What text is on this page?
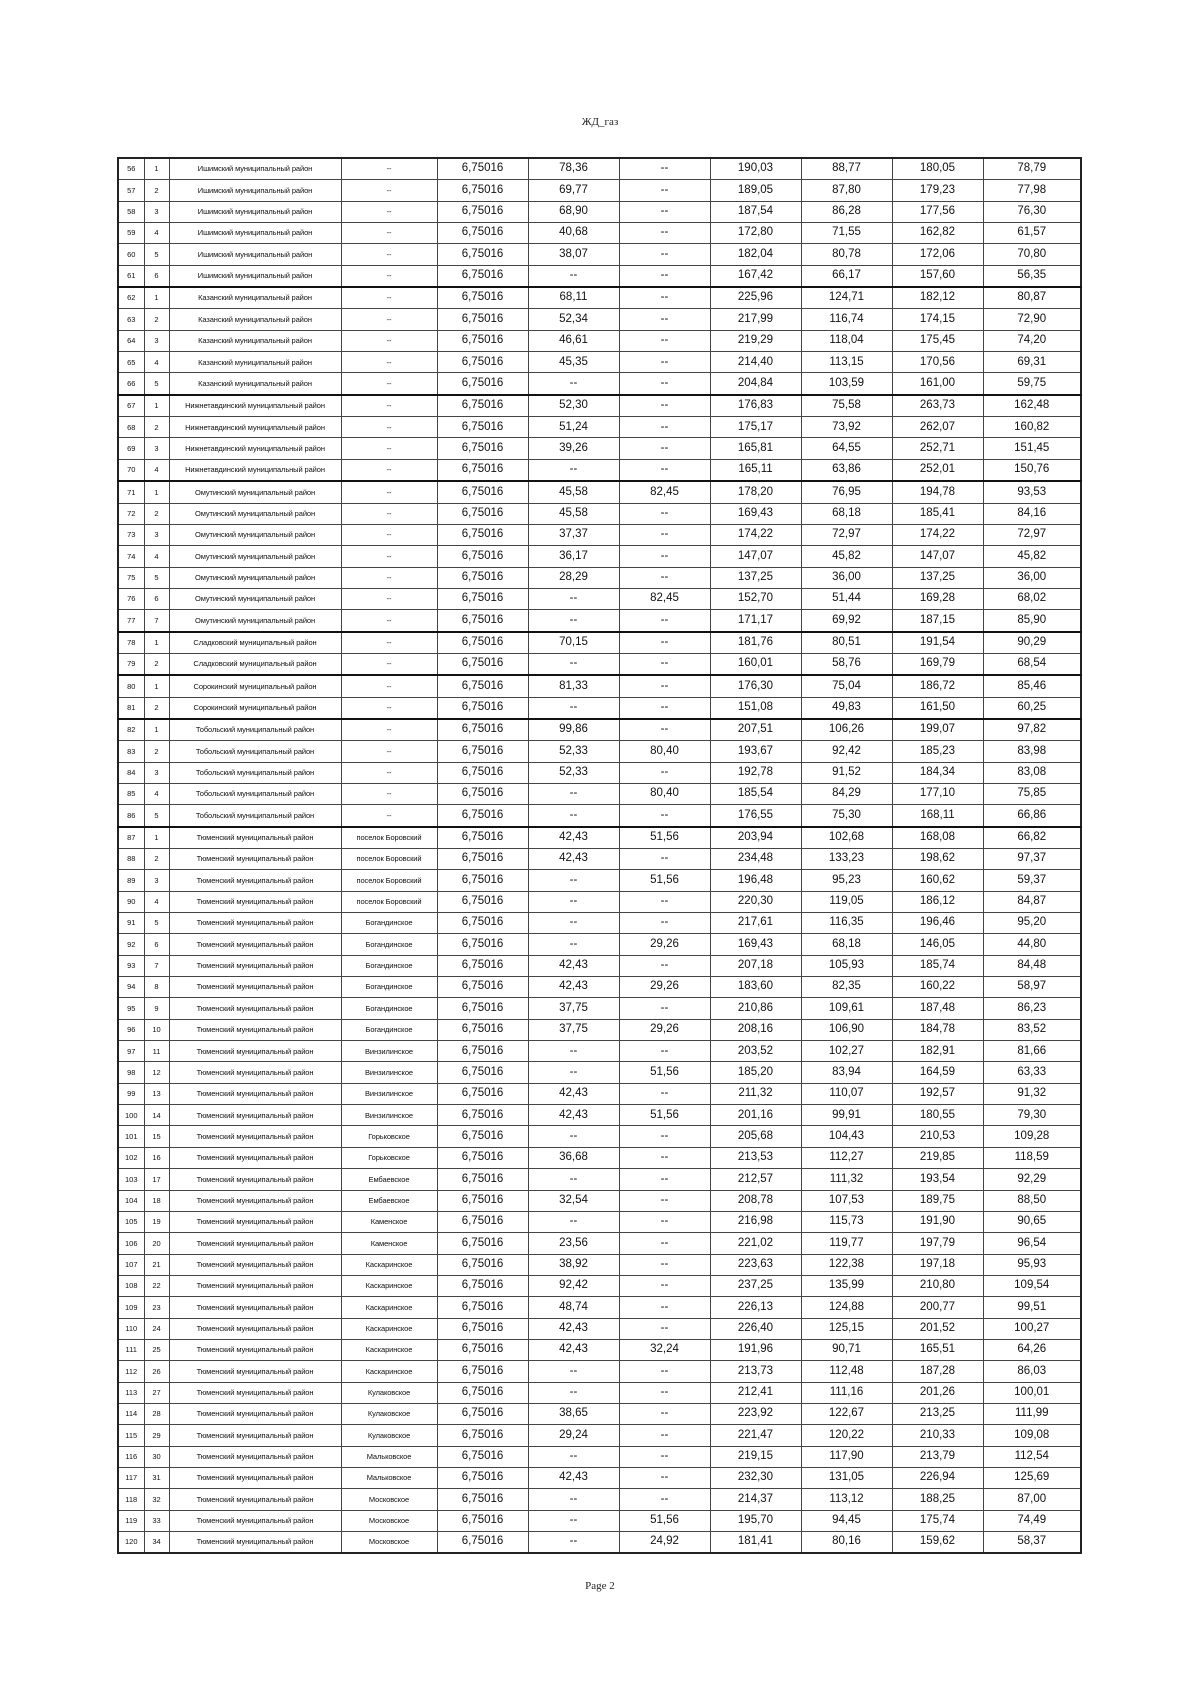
ЖД_газ
56	1	Ишимский муниципальный район	--	6,75016	78,36	--	190,03	88,77	180,05	78,79
57	2	Ишимский муниципальный район	--	6,75016	69,77	--	189,05	87,80	179,23	77,98
58	3	Ишимский муниципальный район	--	6,75016	68,90	--	187,54	86,28	177,56	76,30
59	4	Ишимский муниципальный район	--	6,75016	40,68	--	172,80	71,55	162,82	61,57
60	5	Ишимский муниципальный район	--	6,75016	38,07	--	182,04	80,78	172,06	70,80
61	6	Ишимский муниципальный район	--	6,75016	--	--	167,42	66,17	157,60	56,35
62	1	Казанский муниципальный район	--	6,75016	68,11	--	225,96	124,71	182,12	80,87
63	2	Казанский муниципальный район	--	6,75016	52,34	--	217,99	116,74	174,15	72,90
64	3	Казанский муниципальный район	--	6,75016	46,61	--	219,29	118,04	175,45	74,20
65	4	Казанский муниципальный район	--	6,75016	45,35	--	214,40	113,15	170,56	69,31
66	5	Казанский муниципальный район	--	6,75016	--	--	204,84	103,59	161,00	59,75
67	1	Нижнетавдинский муниципальный район	--	6,75016	52,30	--	176,83	75,58	263,73	162,48
68	2	Нижнетавдинский муниципальный район	--	6,75016	51,24	--	175,17	73,92	262,07	160,82
69	3	Нижнетавдинский муниципальный район	--	6,75016	39,26	--	165,81	64,55	252,71	151,45
70	4	Нижнетавдинский муниципальный район	--	6,75016	--	--	165,11	63,86	252,01	150,76
71	1	Омутинский муниципальный район	--	6,75016	45,58	82,45	178,20	76,95	194,78	93,53
72	2	Омутинский муниципальный район	--	6,75016	45,58	--	169,43	68,18	185,41	84,16
73	3	Омутинский муниципальный район	--	6,75016	37,37	--	174,22	72,97	174,22	72,97
74	4	Омутинский муниципальный район	--	6,75016	36,17	--	147,07	45,82	147,07	45,82
75	5	Омутинский муниципальный район	--	6,75016	28,29	--	137,25	36,00	137,25	36,00
76	6	Омутинский муниципальный район	--	6,75016	--	82,45	152,70	51,44	169,28	68,02
77	7	Омутинский муниципальный район	--	6,75016	--	--	171,17	69,92	187,15	85,90
78	1	Сладковский муниципальный район	--	6,75016	70,15	--	181,76	80,51	191,54	90,29
79	2	Сладковский муниципальный район	--	6,75016	--	--	160,01	58,76	169,79	68,54
80	1	Сорокинский муниципальный район	--	6,75016	81,33	--	176,30	75,04	186,72	85,46
81	2	Сорокинский муниципальный район	--	6,75016	--	--	151,08	49,83	161,50	60,25
82	1	Тобольский муниципальный район	--	6,75016	99,86	--	207,51	106,26	199,07	97,82
83	2	Тобольский муниципальный район	--	6,75016	52,33	80,40	193,67	92,42	185,23	83,98
84	3	Тобольский муниципальный район	--	6,75016	52,33	--	192,78	91,52	184,34	83,08
85	4	Тобольский муниципальный район	--	6,75016	--	80,40	185,54	84,29	177,10	75,85
86	5	Тобольский муниципальный район	--	6,75016	--	--	176,55	75,30	168,11	66,86
87	1	Тюменский муниципальный район	поселок Боровский	6,75016	42,43	51,56	203,94	102,68	168,08	66,82
88	2	Тюменский муниципальный район	поселок Боровский	6,75016	42,43	--	234,48	133,23	198,62	97,37
89	3	Тюменский муниципальный район	поселок Боровский	6,75016	--	51,56	196,48	95,23	160,62	59,37
90	4	Тюменский муниципальный район	поселок Боровский	6,75016	--	--	220,30	119,05	186,12	84,87
91	5	Тюменский муниципальный район	Богандинское	6,75016	--	--	217,61	116,35	196,46	95,20
92	6	Тюменский муниципальный район	Богандинское	6,75016	--	29,26	169,43	68,18	146,05	44,80
93	7	Тюменский муниципальный район	Богандинское	6,75016	42,43	--	207,18	105,93	185,74	84,48
94	8	Тюменский муниципальный район	Богандинское	6,75016	42,43	29,26	183,60	82,35	160,22	58,97
95	9	Тюменский муниципальный район	Богандинское	6,75016	37,75	--	210,86	109,61	187,48	86,23
96	10	Тюменский муниципальный район	Богандинское	6,75016	37,75	29,26	208,16	106,90	184,78	83,52
97	11	Тюменский муниципальный район	Винзилинское	6,75016	--	--	203,52	102,27	182,91	81,66
98	12	Тюменский муниципальный район	Винзилинское	6,75016	--	51,56	185,20	83,94	164,59	63,33
99	13	Тюменский муниципальный район	Винзилинское	6,75016	42,43	--	211,32	110,07	192,57	91,32
100	14	Тюменский муниципальный район	Винзилинское	6,75016	42,43	51,56	201,16	99,91	180,55	79,30
101	15	Тюменский муниципальный район	Горьковское	6,75016	--	--	205,68	104,43	210,53	109,28
102	16	Тюменский муниципальный район	Горьковское	6,75016	36,68	--	213,53	112,27	219,85	118,59
103	17	Тюменский муниципальный район	Ембаевское	6,75016	--	--	212,57	111,32	193,54	92,29
104	18	Тюменский муниципальный район	Ембаевское	6,75016	32,54	--	208,78	107,53	189,75	88,50
105	19	Тюменский муниципальный район	Каменское	6,75016	--	--	216,98	115,73	191,90	90,65
106	20	Тюменский муниципальный район	Каменское	6,75016	23,56	--	221,02	119,77	197,79	96,54
107	21	Тюменский муниципальный район	Каскаринское	6,75016	38,92	--	223,63	122,38	197,18	95,93
108	22	Тюменский муниципальный район	Каскаринское	6,75016	92,42	--	237,25	135,99	210,80	109,54
109	23	Тюменский муниципальный район	Каскаринское	6,75016	48,74	--	226,13	124,88	200,77	99,51
110	24	Тюменский муниципальный район	Каскаринское	6,75016	42,43	--	226,40	125,15	201,52	100,27
111	25	Тюменский муниципальный район	Каскаринское	6,75016	42,43	32,24	191,96	90,71	165,51	64,26
112	26	Тюменский муниципальный район	Каскаринское	6,75016	--	--	213,73	112,48	187,28	86,03
113	27	Тюменский муниципальный район	Кулаковское	6,75016	--	--	212,41	111,16	201,26	100,01
114	28	Тюменский муниципальный район	Кулаковское	6,75016	38,65	--	223,92	122,67	213,25	111,99
115	29	Тюменский муниципальный район	Кулаковское	6,75016	29,24	--	221,47	120,22	210,33	109,08
116	30	Тюменский муниципальный район	Мальковское	6,75016	--	--	219,15	117,90	213,79	112,54
117	31	Тюменский муниципальный район	Мальковское	6,75016	42,43	--	232,30	131,05	226,94	125,69
118	32	Тюменский муниципальный район	Московское	6,75016	--	--	214,37	113,12	188,25	87,00
119	33	Тюменский муниципальный район	Московское	6,75016	--	51,56	195,70	94,45	175,74	74,49
120	34	Тюменский муниципальный район	Московское	6,75016	--	24,92	181,41	80,16	159,62	58,37
Page 2
